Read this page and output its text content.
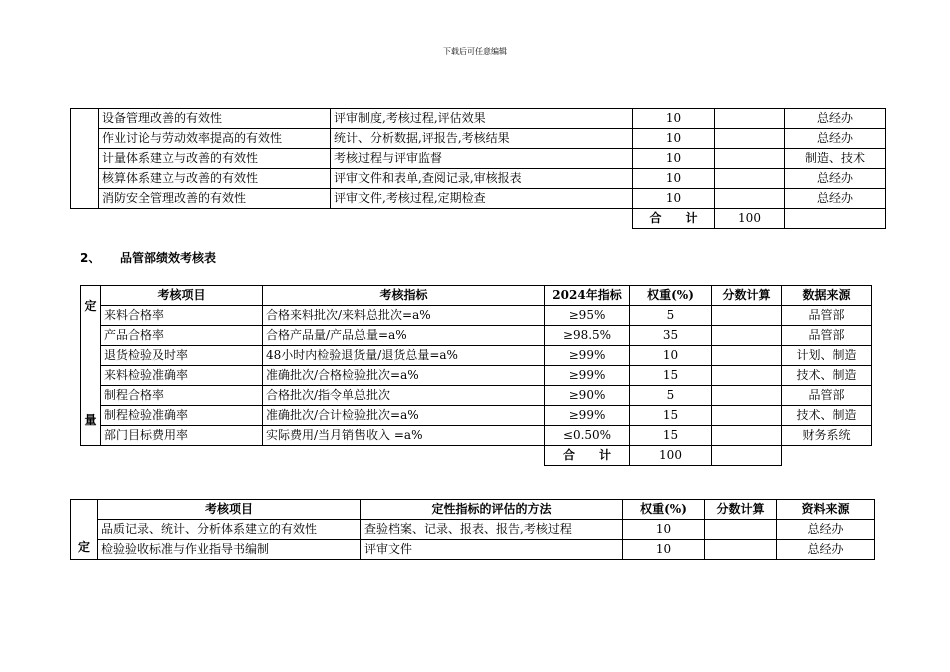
下载后可任意编辑
	设备管理改善的有效性	评审制度,考核过程,评估效果	10		总经办
	作业讨论与劳动效率提高的有效性	统计、分析数据,评报告,考核结果	10		总经办
	计量体系建立与改善的有效性	考核过程与评审监督	10		制造、技术
	核算体系建立与改善的有效性	评审文件和表单,查阅记录,审核报表	10		总经办
	消防安全管理改善的有效性	评审文件,考核过程,定期检查	10		总经办
			合　　计	100	
2、 品管部绩效考核表
定
量	考核项目	考核指标	2024年指标	权重(%)	分数计算	数据来源
	来料合格率	合格来料批次/来料总批次=a%	≥95%	5		品管部
	产品合格率	合格产品量/产品总量=a%	≥98.5%	35		品管部
	退货检验及时率	48小时内检验退货量/退货总量=a%	≥99%	10		计划、制造
	来料检验准确率	准确批次/合格检验批次=a%	≥99%	15		技术、制造
	制程合格率	合格批次/指令单总批次	≥90%	5		品管部
	制程检验准确率	准确批次/合计检验批次=a%	≥99%	15		技术、制造
	部门目标费用率	实际费用/当月销售收入 =a%	≤0.50%	15		财务系统
			合　　计	100		
定	考核项目	定性指标的评估的方法	权重(%)	分数计算	资料来源
	品质记录、统计、分析体系建立的有效性	查验档案、记录、报表、报告,考核过程	10		总经办
	检验验收标准与作业指导书编制	评审文件	10		总经办
